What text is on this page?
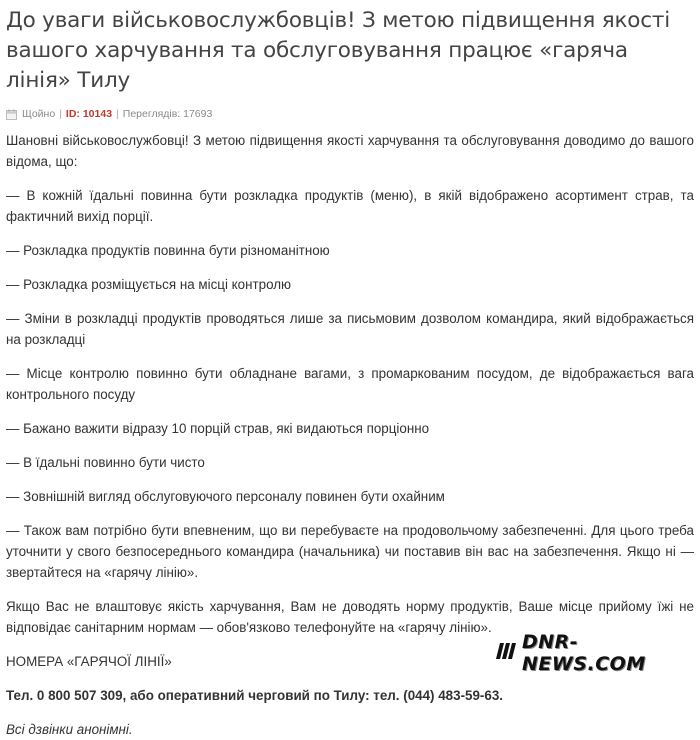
До уваги військовослужбовців! З метою підвищення якості вашого харчування та обслуговування працює «гаряча лінія» Тилу
Щойно | ID: 10143 | Переглядів: 17693

Шановні військовослужбовці! З метою підвищення якості харчування та обслуговування доводимо до вашого відома, що:

— В кожній їдальні повинна бути розкладка продуктів (меню), в якій відображено асортимент страв, та фактичний вихід порції.

— Розкладка продуктів повинна бути різноманітною

— Розкладка розміщується на місці контролю

— Зміни в розкладці продуктів проводяться лише за письмовим дозволом командира, який відображається на розкладці

— Місце контролю повинно бути обладнане вагами, з промаркованим посудом, де відображається вага контрольного посуду

— Бажано важити відразу 10 порцій страв, які видаються порціонно

— В їдальні повинно бути чисто

— Зовнішній вигляд обслуговуючого персоналу повинен бути охайним

— Також вам потрібно бути впевненим, що ви перебуваєте на продовольчому забезпеченні. Для цього треба уточнити у свого безпосереднього командира (начальника) чи поставив він вас на забезпечення. Якщо ні — звертайтеся на «гарячу лінію».

Якщо Вас не влаштовує якість харчування, Вам не доводять норму продуктів, Ваше місце прийому їжі не відповідає санітарним нормам — обов'язково телефонуйте на «гарячу лінію».

НОМЕРА «ГАРЯЧОЇ ЛІНІЇ»

Тел. 0 800 507 309, або оперативний черговий по Тилу: тел. (044) 483-59-63.

Всі дзвінки анонімні.

DNR-NEWS.COM
